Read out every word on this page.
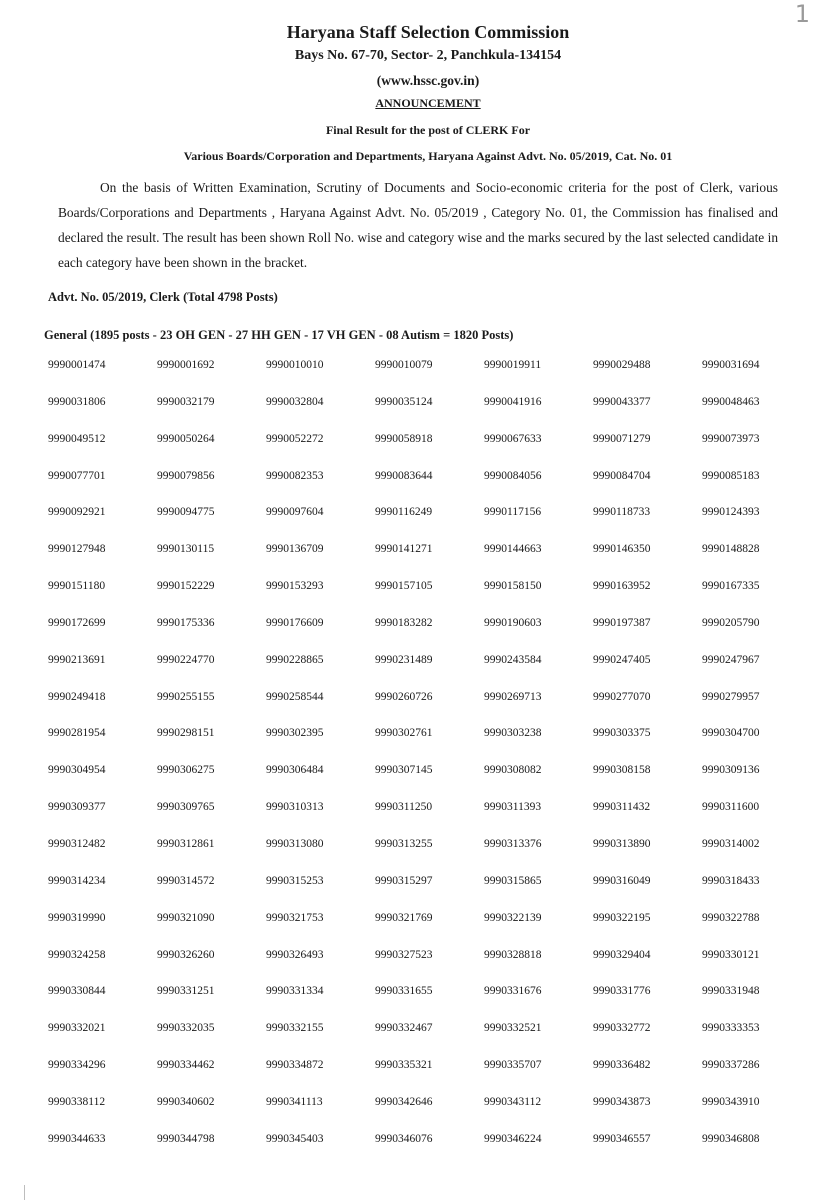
1
Haryana Staff Selection Commission
Bays No. 67-70, Sector- 2, Panchkula-134154
(www.hssc.gov.in)
ANNOUNCEMENT
Final Result for the post of CLERK For
Various Boards/Corporation and Departments, Haryana Against Advt. No. 05/2019, Cat. No. 01
On the basis of Written Examination, Scrutiny of Documents and Socio-economic criteria for the post of Clerk, various Boards/Corporations and Departments , Haryana Against Advt. No. 05/2019 , Category No. 01, the Commission has finalised and declared the result. The result has been shown Roll No. wise and category wise and the marks secured by the last selected candidate in each category have been shown in the bracket.
Advt. No. 05/2019, Clerk (Total 4798 Posts)
General (1895 posts - 23 OH GEN - 27 HH GEN - 17 VH GEN - 08 Autism = 1820 Posts)
9990001474	9990001692	9990010010	9990010079	9990019911	9990029488	9990031694
9990031806	9990032179	9990032804	9990035124	9990041916	9990043377	9990048463
9990049512	9990050264	9990052272	9990058918	9990067633	9990071279	9990073973
9990077701	9990079856	9990082353	9990083644	9990084056	9990084704	9990085183
9990092921	9990094775	9990097604	9990116249	9990117156	9990118733	9990124393
9990127948	9990130115	9990136709	9990141271	9990144663	9990146350	9990148828
9990151180	9990152229	9990153293	9990157105	9990158150	9990163952	9990167335
9990172699	9990175336	9990176609	9990183282	9990190603	9990197387	9990205790
9990213691	9990224770	9990228865	9990231489	9990243584	9990247405	9990247967
9990249418	9990255155	9990258544	9990260726	9990269713	9990277070	9990279957
9990281954	9990298151	9990302395	9990302761	9990303238	9990303375	9990304700
9990304954	9990306275	9990306484	9990307145	9990308082	9990308158	9990309136
9990309377	9990309765	9990310313	9990311250	9990311393	9990311432	9990311600
9990312482	9990312861	9990313080	9990313255	9990313376	9990313890	9990314002
9990314234	9990314572	9990315253	9990315297	9990315865	9990316049	9990318433
9990319990	9990321090	9990321753	9990321769	9990322139	9990322195	9990322788
9990324258	9990326260	9990326493	9990327523	9990328818	9990329404	9990330121
9990330844	9990331251	9990331334	9990331655	9990331676	9990331776	9990331948
9990332021	9990332035	9990332155	9990332467	9990332521	9990332772	9990333353
9990334296	9990334462	9990334872	9990335321	9990335707	9990336482	9990337286
9990338112	9990340602	9990341113	9990342646	9990343112	9990343873	9990343910
9990344633	9990344798	9990345403	9990346076	9990346224	9990346557	9990346808
